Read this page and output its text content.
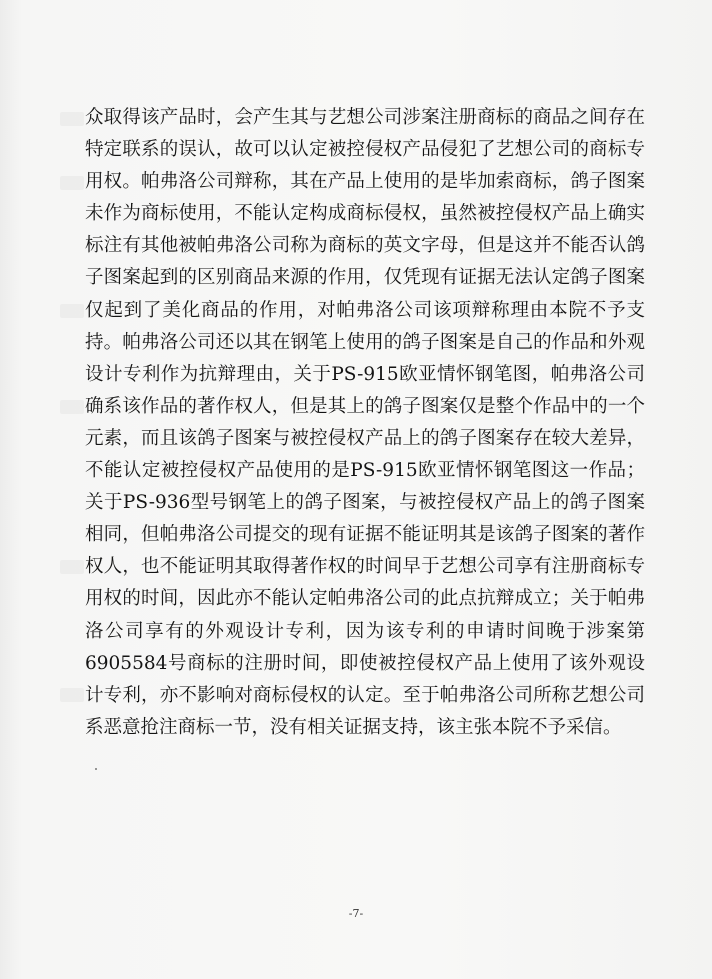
众取得该产品时，会产生其与艺想公司涉案注册商标的商品之间存在特定联系的误认，故可以认定被控侵权产品侵犯了艺想公司的商标专用权。帕弗洛公司辩称，其在产品上使用的是毕加索商标，鸽子图案未作为商标使用，不能认定构成商标侵权，虽然被控侵权产品上确实标注有其他被帕弗洛公司称为商标的英文字母，但是这并不能否认鸽子图案起到的区别商品来源的作用，仅凭现有证据无法认定鸽子图案仅起到了美化商品的作用，对帕弗洛公司该项辩称理由本院不予支持。帕弗洛公司还以其在钢笔上使用的鸽子图案是自己的作品和外观设计专利作为抗辩理由，关于PS-915欧亚情怀钢笔图，帕弗洛公司确系该作品的著作权人，但是其上的鸽子图案仅是整个作品中的一个元素，而且该鸽子图案与被控侵权产品上的鸽子图案存在较大差异，不能认定被控侵权产品使用的是PS-915欧亚情怀钢笔图这一作品；关于PS-936型号钢笔上的鸽子图案，与被控侵权产品上的鸽子图案相同，但帕弗洛公司提交的现有证据不能证明其是该鸽子图案的著作权人，也不能证明其取得著作权的时间早于艺想公司享有注册商标专用权的时间，因此亦不能认定帕弗洛公司的此点抗辩成立；关于帕弗洛公司享有的外观设计专利，因为该专利的申请时间晚于涉案第6905584号商标的注册时间，即使被控侵权产品上使用了该外观设计专利，亦不影响对商标侵权的认定。至于帕弗洛公司所称艺想公司系恶意抢注商标一节，没有相关证据支持，该主张本院不予采信。

-7-
